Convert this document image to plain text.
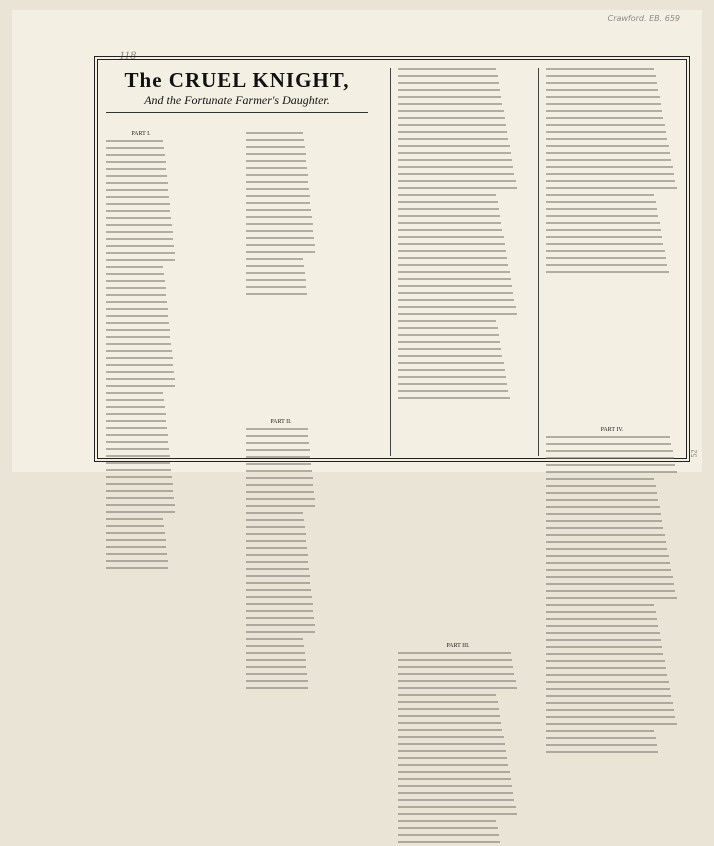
Crawford. EB. 659
118
52
The CRUEL KNIGHT,
And the Fortunate Farmer's Daughter.
PART I.
PART II.
PART III.
PART IV.
